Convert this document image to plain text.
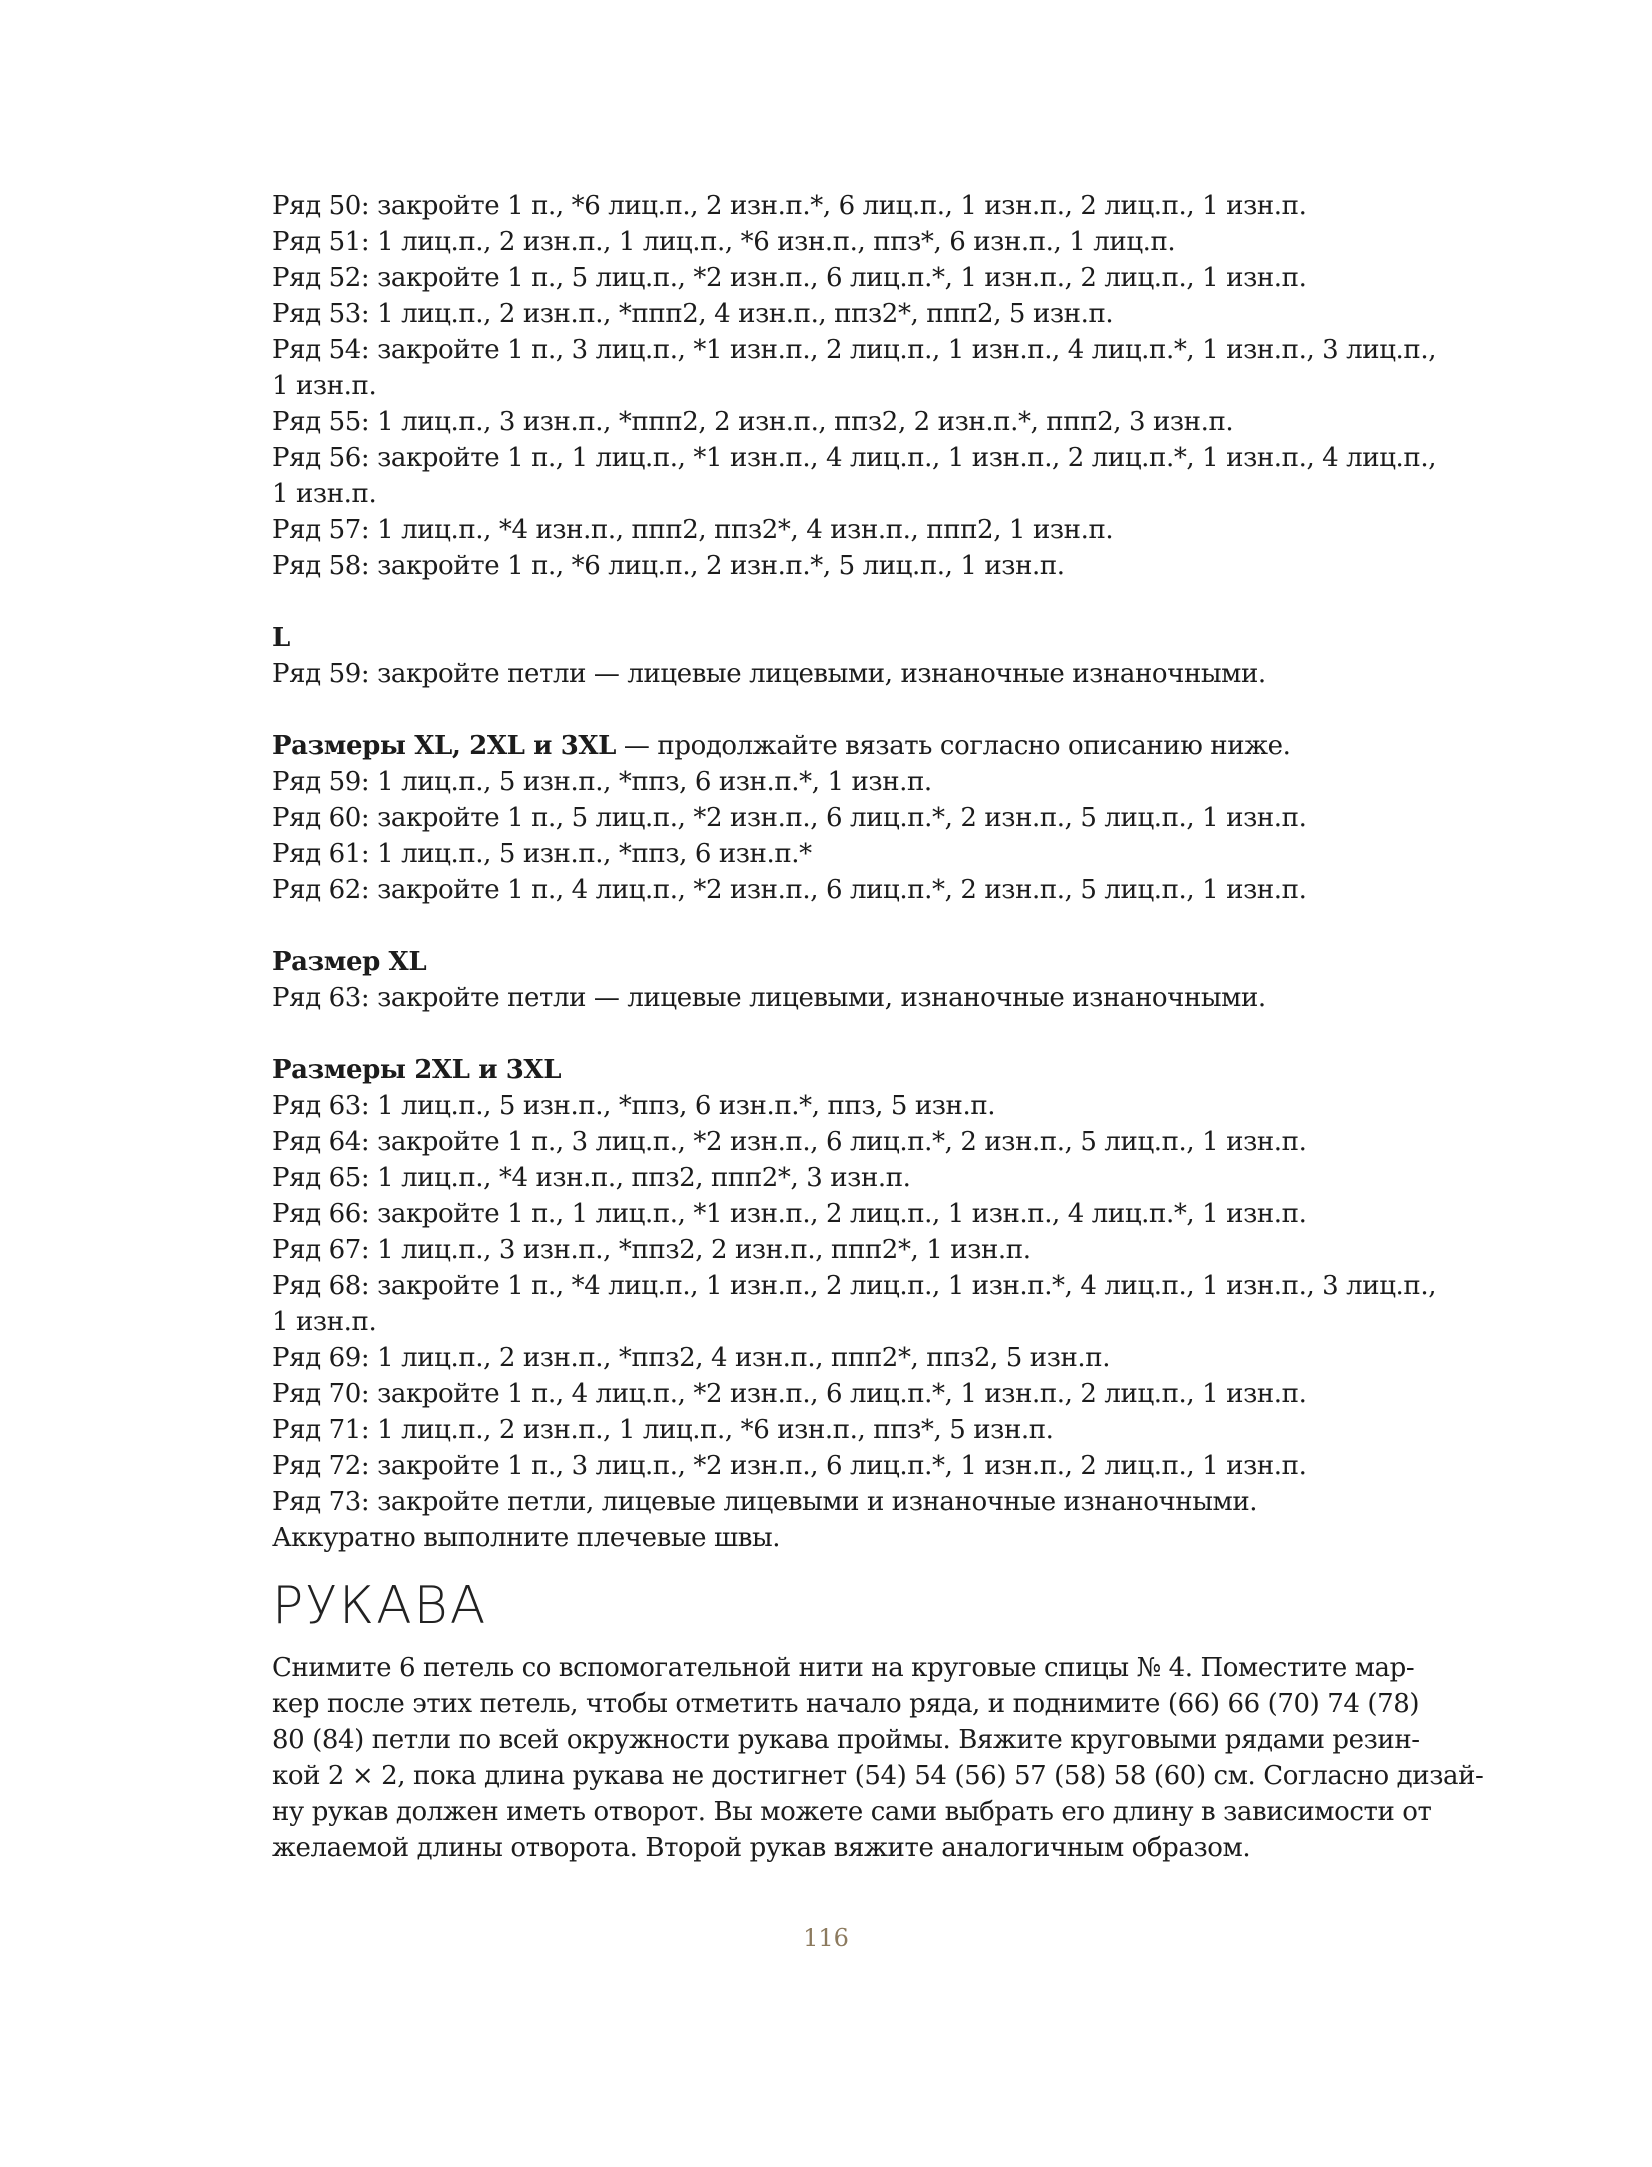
Ряд 50: закройте 1 п., *6 лиц.п., 2 изн.п.*, 6 лиц.п., 1 изн.п., 2 лиц.п., 1 изн.п.
Ряд 51: 1 лиц.п., 2 изн.п., 1 лиц.п., *6 изн.п., ппз*, 6 изн.п., 1 лиц.п.
Ряд 52: закройте 1 п., 5 лиц.п., *2 изн.п., 6 лиц.п.*, 1 изн.п., 2 лиц.п., 1 изн.п.
Ряд 53: 1 лиц.п., 2 изн.п., *ппп2, 4 изн.п., ппз2*, ппп2, 5 изн.п.
Ряд 54: закройте 1 п., 3 лиц.п., *1 изн.п., 2 лиц.п., 1 изн.п., 4 лиц.п.*, 1 изн.п., 3 лиц.п.,
1 изн.п.
Ряд 55: 1 лиц.п., 3 изн.п., *ппп2, 2 изн.п., ппз2, 2 изн.п.*, ппп2, 3 изн.п.
Ряд 56: закройте 1 п., 1 лиц.п., *1 изн.п., 4 лиц.п., 1 изн.п., 2 лиц.п.*, 1 изн.п., 4 лиц.п.,
1 изн.п.
Ряд 57: 1 лиц.п., *4 изн.п., ппп2, ппз2*, 4 изн.п., ппп2, 1 изн.п.
Ряд 58: закройте 1 п., *6 лиц.п., 2 изн.п.*, 5 лиц.п., 1 изн.п.
L
Ряд 59: закройте петли — лицевые лицевыми, изнаночные изнаночными.
Размеры XL, 2XL и 3XL — продолжайте вязать согласно описанию ниже.
Ряд 59: 1 лиц.п., 5 изн.п., *ппз, 6 изн.п.*, 1 изн.п.
Ряд 60: закройте 1 п., 5 лиц.п., *2 изн.п., 6 лиц.п.*, 2 изн.п., 5 лиц.п., 1 изн.п.
Ряд 61: 1 лиц.п., 5 изн.п., *ппз, 6 изн.п.*
Ряд 62: закройте 1 п., 4 лиц.п., *2 изн.п., 6 лиц.п.*, 2 изн.п., 5 лиц.п., 1 изн.п.
Размер XL
Ряд 63: закройте петли — лицевые лицевыми, изнаночные изнаночными.
Размеры 2XL и 3XL
Ряд 63: 1 лиц.п., 5 изн.п., *ппз, 6 изн.п.*, ппз, 5 изн.п.
Ряд 64: закройте 1 п., 3 лиц.п., *2 изн.п., 6 лиц.п.*, 2 изн.п., 5 лиц.п., 1 изн.п.
Ряд 65: 1 лиц.п., *4 изн.п., ппз2, ппп2*, 3 изн.п.
Ряд 66: закройте 1 п., 1 лиц.п., *1 изн.п., 2 лиц.п., 1 изн.п., 4 лиц.п.*, 1 изн.п.
Ряд 67: 1 лиц.п., 3 изн.п., *ппз2, 2 изн.п., ппп2*, 1 изн.п.
Ряд 68: закройте 1 п., *4 лиц.п., 1 изн.п., 2 лиц.п., 1 изн.п.*, 4 лиц.п., 1 изн.п., 3 лиц.п.,
1 изн.п.
Ряд 69: 1 лиц.п., 2 изн.п., *ппз2, 4 изн.п., ппп2*, ппз2, 5 изн.п.
Ряд 70: закройте 1 п., 4 лиц.п., *2 изн.п., 6 лиц.п.*, 1 изн.п., 2 лиц.п., 1 изн.п.
Ряд 71: 1 лиц.п., 2 изн.п., 1 лиц.п., *6 изн.п., ппз*, 5 изн.п.
Ряд 72: закройте 1 п., 3 лиц.п., *2 изн.п., 6 лиц.п.*, 1 изн.п., 2 лиц.п., 1 изн.п.
Ряд 73: закройте петли, лицевые лицевыми и изнаночные изнаночными.
Аккуратно выполните плечевые швы.
РУКАВА
Снимите 6 петель со вспомогательной нити на круговые спицы № 4. Поместите мар-
кер после этих петель, чтобы отметить начало ряда, и поднимите (66) 66 (70) 74 (78)
80 (84) петли по всей окружности рукава проймы. Вяжите круговыми рядами резин-
кой 2 × 2, пока длина рукава не достигнет (54) 54 (56) 57 (58) 58 (60) см. Согласно дизай-
ну рукав должен иметь отворот. Вы можете сами выбрать его длину в зависимости от
желаемой длины отворота. Второй рукав вяжите аналогичным образом.
116
